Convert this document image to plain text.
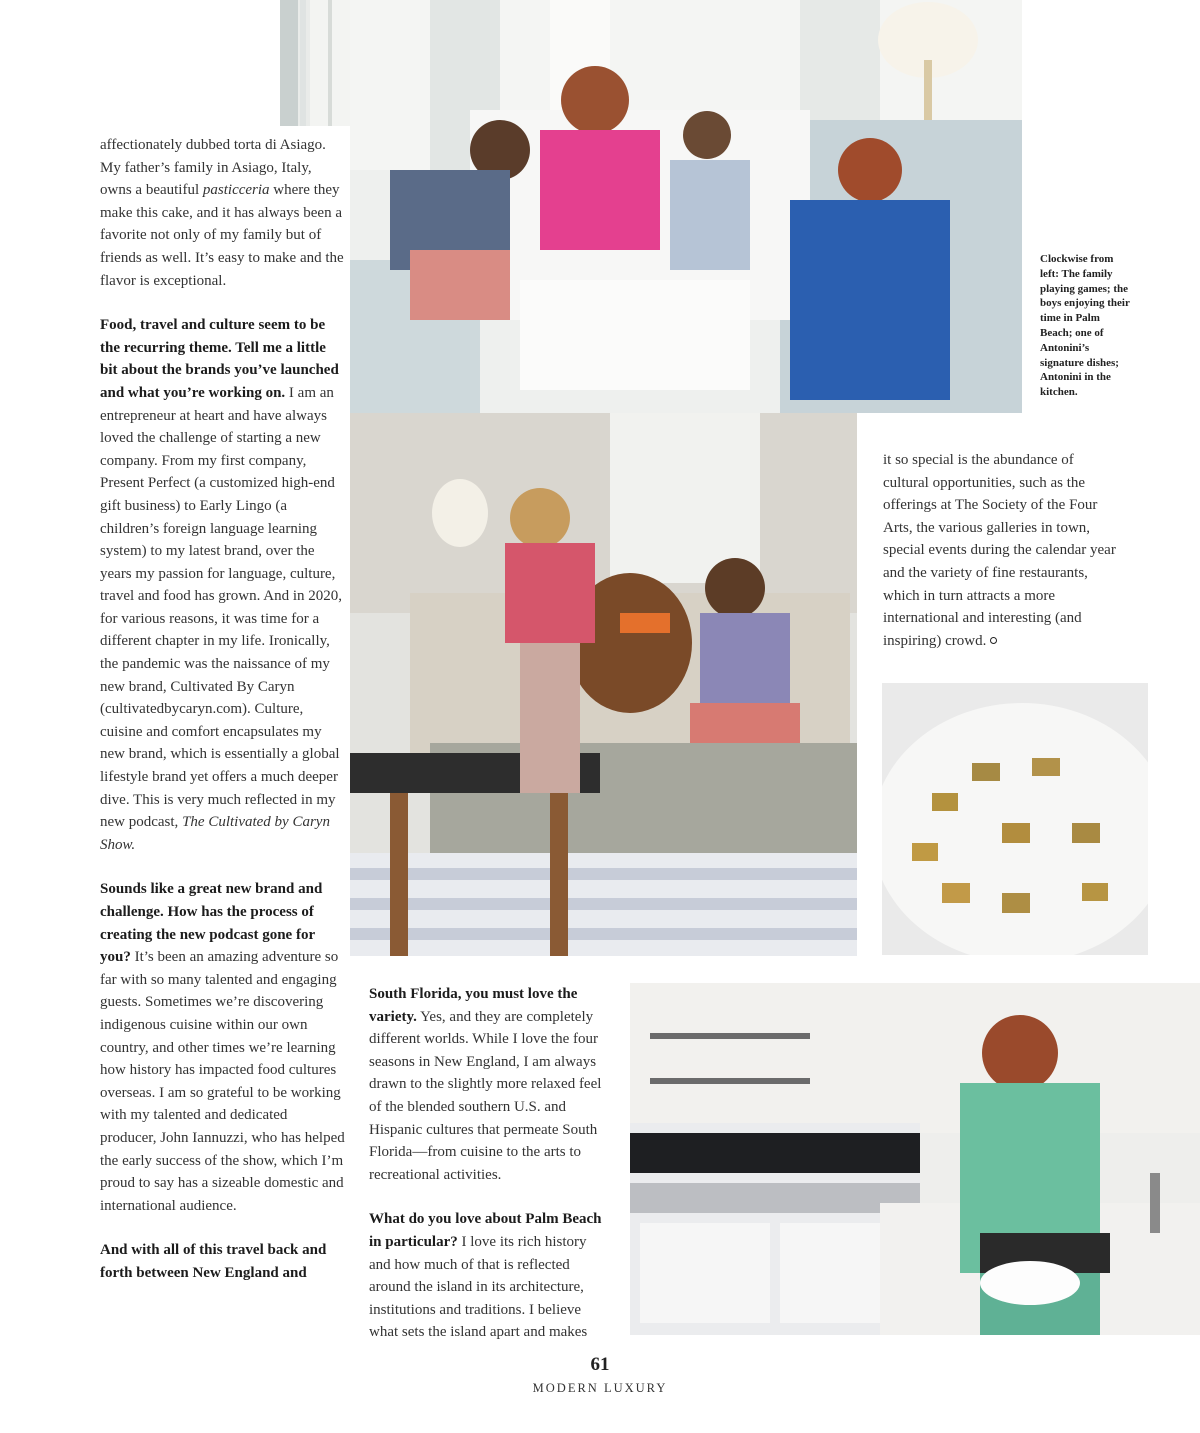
Clockwise from left: The family playing games; the boys enjoying their time in Palm Beach; one of Antonini’s signature dishes; Antonini in the kitchen.

affectionately dubbed torta di Asiago. My father’s family in Asiago, Italy, owns a beautiful pasticceria where they make this cake, and it has always been a favorite not only of my family but of friends as well. It’s easy to make and the flavor is exceptional.

Food, travel and culture seem to be the recurring theme. Tell me a little bit about the brands you’ve launched and what you’re working on. I am an entrepreneur at heart and have always loved the challenge of starting a new company. From my first company, Present Perfect (a customized high-end gift business) to Early Lingo (a children’s foreign language learning system) to my latest brand, over the years my passion for language, culture, travel and food has grown. And in 2020, for various reasons, it was time for a different chapter in my life. Ironically, the pandemic was the naissance of my new brand, Cultivated By Caryn (cultivatedbycaryn.com). Culture, cuisine and comfort encapsulates my new brand, which is essentially a global lifestyle brand yet offers a much deeper dive. This is very much reflected in my new podcast, The Cultivated by Caryn Show.

Sounds like a great new brand and challenge. How has the process of creating the new podcast gone for you? It’s been an amazing adventure so far with so many talented and engaging guests. Sometimes we’re discovering indigenous cuisine within our own country, and other times we’re learning how history has impacted food cultures overseas. I am so grateful to be working with my talented and dedicated producer, John Iannuzzi, who has helped the early success of the show, which I’m proud to say has a sizeable domestic and international audience.

And with all of this travel back and forth between New England and

South Florida, you must love the variety. Yes, and they are completely different worlds. While I love the four seasons in New England, I am always drawn to the slightly more relaxed feel of the blended southern U.S. and Hispanic cultures that permeate South Florida—from cuisine to the arts to recreational activities.

What do you love about Palm Beach in particular? I love its rich history and how much of that is reflected around the island in its architecture, institutions and traditions. I believe what sets the island apart and makes

it so special is the abundance of cultural opportunities, such as the offerings at The Society of the Four Arts, the various galleries in town, special events during the calendar year and the variety of fine restaurants, which in turn attracts a more international and interesting (and inspiring) crowd.

61
MODERN LUXURY
